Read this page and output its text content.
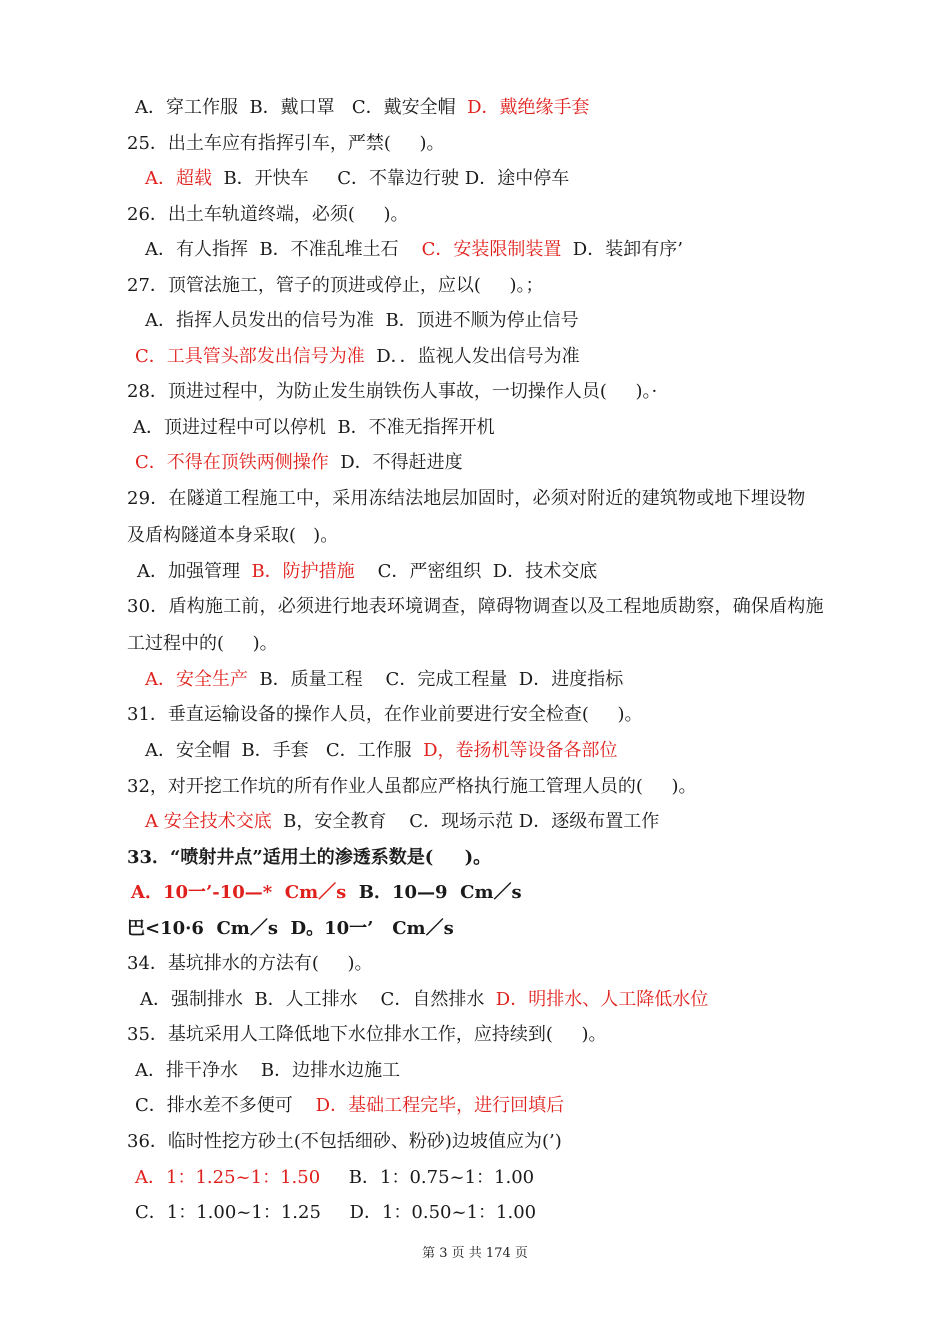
A．穿工作服  B．戴口罩   C．戴安全帽  D．戴绝缘手套
25．出土车应有指挥引车，严禁(     )。
A．超载  B．开快车     C．不靠边行驶 D．途中停车
26．出土车轨道终端，必须(     )。
A．有人指挥  B．不准乱堆土石    C．安装限制装置  D．装卸有序’
27．顶管法施工，管子的顶进或停止，应以(     )。；
A．指挥人员发出的信号为准  B．顶进不顺为停止信号
C．工具管头部发出信号为准  D．．监视人发出信号为准
28．顶进过程中，为防止发生崩铁伤人事故，一切操作人员(     )。·
A．顶进过程中可以停机  B．不准无指挥开机
C．不得在顶铁两侧操作  D．不得赶进度
29．在隧道工程施工中，采用冻结法地层加固时，必须对附近的建筑物或地下埋设物
及盾构隧道本身采取(   )。
A．加强管理  B．防护措施    C．严密组织  D．技术交底
30．盾构施工前，必须进行地表环境调查，障碍物调查以及工程地质勘察，确保盾构施
工过程中的(     )。
A．安全生产  B．质量工程    C．完成工程量  D．进度指标
31．垂直运输设备的操作人员，在作业前要进行安全检查(     )。
A．安全帽  B．手套   C．工作服  D，卷扬机等设备各部位
32，对开挖工作坑的所有作业人虽都应严格执行施工管理人员的(     )。
A 安全技术交底  B，安全教育    C．现场示范 D．逐级布置工作
33．“喷射井点”适用土的渗透系数是(     )。
A．10一’-10—*  Cm／s  B．10—9  Cm／s
巴<10·6  Cm／s  D。10一’   Cm／s
34．基坑排水的方法有(     )。
A．强制排水  B．人工排水    C．自然排水  D．明排水、人工降低水位
35．基坑采用人工降低地下水位排水工作，应持续到(     )。
A．排干净水    B．边排水边施工
C．排水差不多便可    D．基础工程完毕，进行回填后
36．临时性挖方砂土(不包括细砂、粉砂)边坡值应为(’)
A．1：1.25~1：1.50     B．1：0.75~1：1.00
C．1：1.00~1：1.25     D．1：0.50~1：1.00
第 3 页 共 174 页
